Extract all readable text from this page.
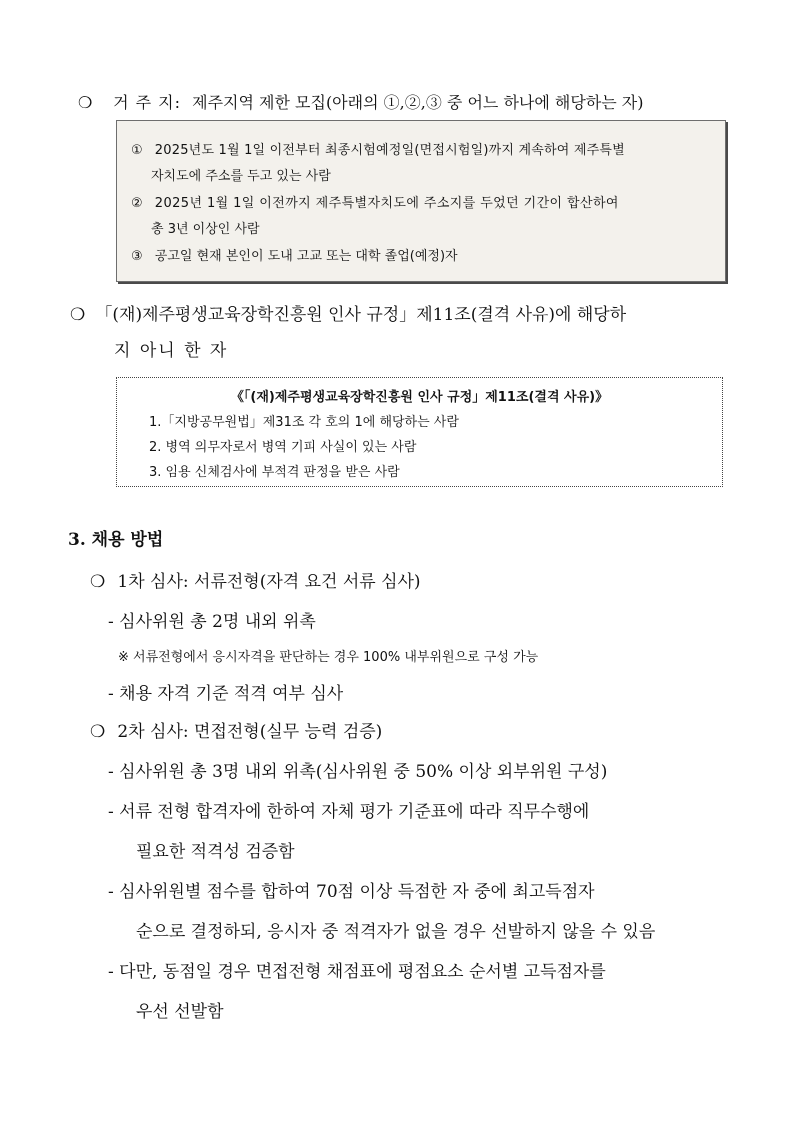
❍ 거 주 지: 제주지역 제한 모집(아래의 ①,②,③ 중 어느 하나에 해당하는 자)
① 2025년도 1월 1일 이전부터 최종시험예정일(면접시험일)까지 계속하여 제주특별
자치도에 주소를 두고 있는 사람
② 2025년 1월 1일 이전까지 제주특별자치도에 주소지를 두었던 기간이 합산하여
총 3년 이상인 사람
③ 공고일 현재 본인이 도내 고교 또는 대학 졸업(예정)자
❍ 「(재)제주평생교육장학진흥원 인사 규정」제11조(결격 사유)에 해당하
지 아니 한 자
《「(재)제주평생교육장학진흥원 인사 규정」제11조(결격 사유)》
1.「지방공무원법」제31조 각 호의 1에 해당하는 사람
2. 병역 의무자로서 병역 기피 사실이 있는 사람
3. 임용 신체검사에 부적격 판정을 받은 사람
3. 채용 방법
❍ 1차 심사: 서류전형(자격 요건 서류 심사)
- 심사위원 총 2명 내외 위촉
※ 서류전형에서 응시자격을 판단하는 경우 100% 내부위원으로 구성 가능
- 채용 자격 기준 적격 여부 심사
❍ 2차 심사: 면접전형(실무 능력 검증)
- 심사위원 총 3명 내외 위촉(심사위원 중 50% 이상 외부위원 구성)
- 서류 전형 합격자에 한하여 자체 평가 기준표에 따라 직무수행에
필요한 적격성 검증함
- 심사위원별 점수를 합하여 70점 이상 득점한 자 중에 최고득점자
순으로 결정하되, 응시자 중 적격자가 없을 경우 선발하지 않을 수 있음
- 다만, 동점일 경우 면접전형 채점표에 평점요소 순서별 고득점자를
우선 선발함
